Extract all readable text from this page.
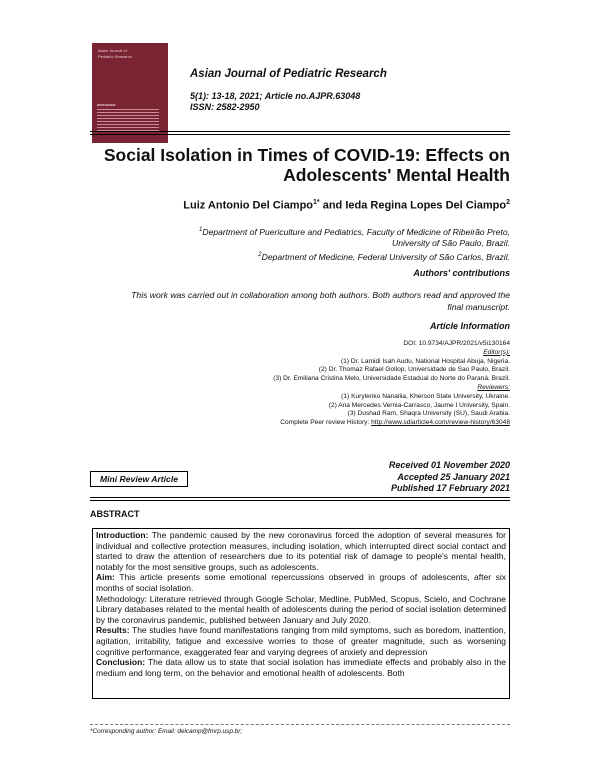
Asian Journal of
Pediatric Research
BIOSCIENCE
Asian Journal of Pediatric Research
5(1): 13-18, 2021; Article no.AJPR.63048
ISSN: 2582-2950
Social Isolation in Times of COVID-19: Effects on
Adolescents' Mental Health
Luiz Antonio Del Ciampo$^{1*}$ and Ieda Regina Lopes Del Ciampo$^2$
$^1$Department of Puericulture and Pediatrics, Faculty of Medicine of Ribeirão Preto,
University of São Paulo, Brazil.
$^2$Department of Medicine, Federal University of São Carlos, Brazil.
Authors' contributions
This work was carried out in collaboration among both authors. Both authors read and approved the
final manuscript.
Article Information
DOI: 10.9734/AJPR/2021/v5i130164
Editor(s):
(1) Dr. Lamidi Isah Audu, National Hospital Abuja, Nigeria.
(2) Dr. Thomaz Rafael Gollop, Universidade de Sao Paulo, Brazil.
(3) Dr. Emiliana Cristina Melo, Universidade Estadual do Norte do Paraná, Brazil.
Reviewers:
(1) Kurylenko Nanaliia, Kherson State University, Ukraine.
(2) Ana Mercedes Vernia-Carrasco, Jaume I University, Spain.
(3) Dushad Ram, Shaqra University (SU), Saudi Arabia.
Complete Peer review History: http://www.sdiarticle4.com/review-history/63048
Mini Review Article
Received 01 November 2020
Accepted 25 January 2021
Published 17 February 2021
ABSTRACT

Introduction: The pandemic caused by the new coronavirus forced the adoption of several measures for individual and collective protection measures, including isolation, which interrupted direct social contact and started to draw the attention of researchers due to its potential risk of damage to people's mental health, notably for the most sensitive groups, such as adolescents.

Aim: This article presents some emotional repercussions observed in groups of adolescents, after six months of social isolation.

Methodology: Literature retrieved through Google Scholar, Medline, PubMed, Scopus, Scielo, and Cochrane Library databases related to the mental health of adolescents during the period of social isolation determined by the coronavirus pandemic, published between January and July 2020.

Results: The studies have found manifestations ranging from mild symptoms, such as boredom, inattention, agitation, irritability, fatigue and excessive worries to those of greater magnitude, such as worsening cognitive performance, exaggerated fear and varying degrees of anxiety and depression

Conclusion: The data allow us to state that social isolation has immediate effects and probably also in the medium and long term, on the behavior and emotional health of adolescents. Both

*Corresponding author: Email: delcamp@fmrp.usp.br;
